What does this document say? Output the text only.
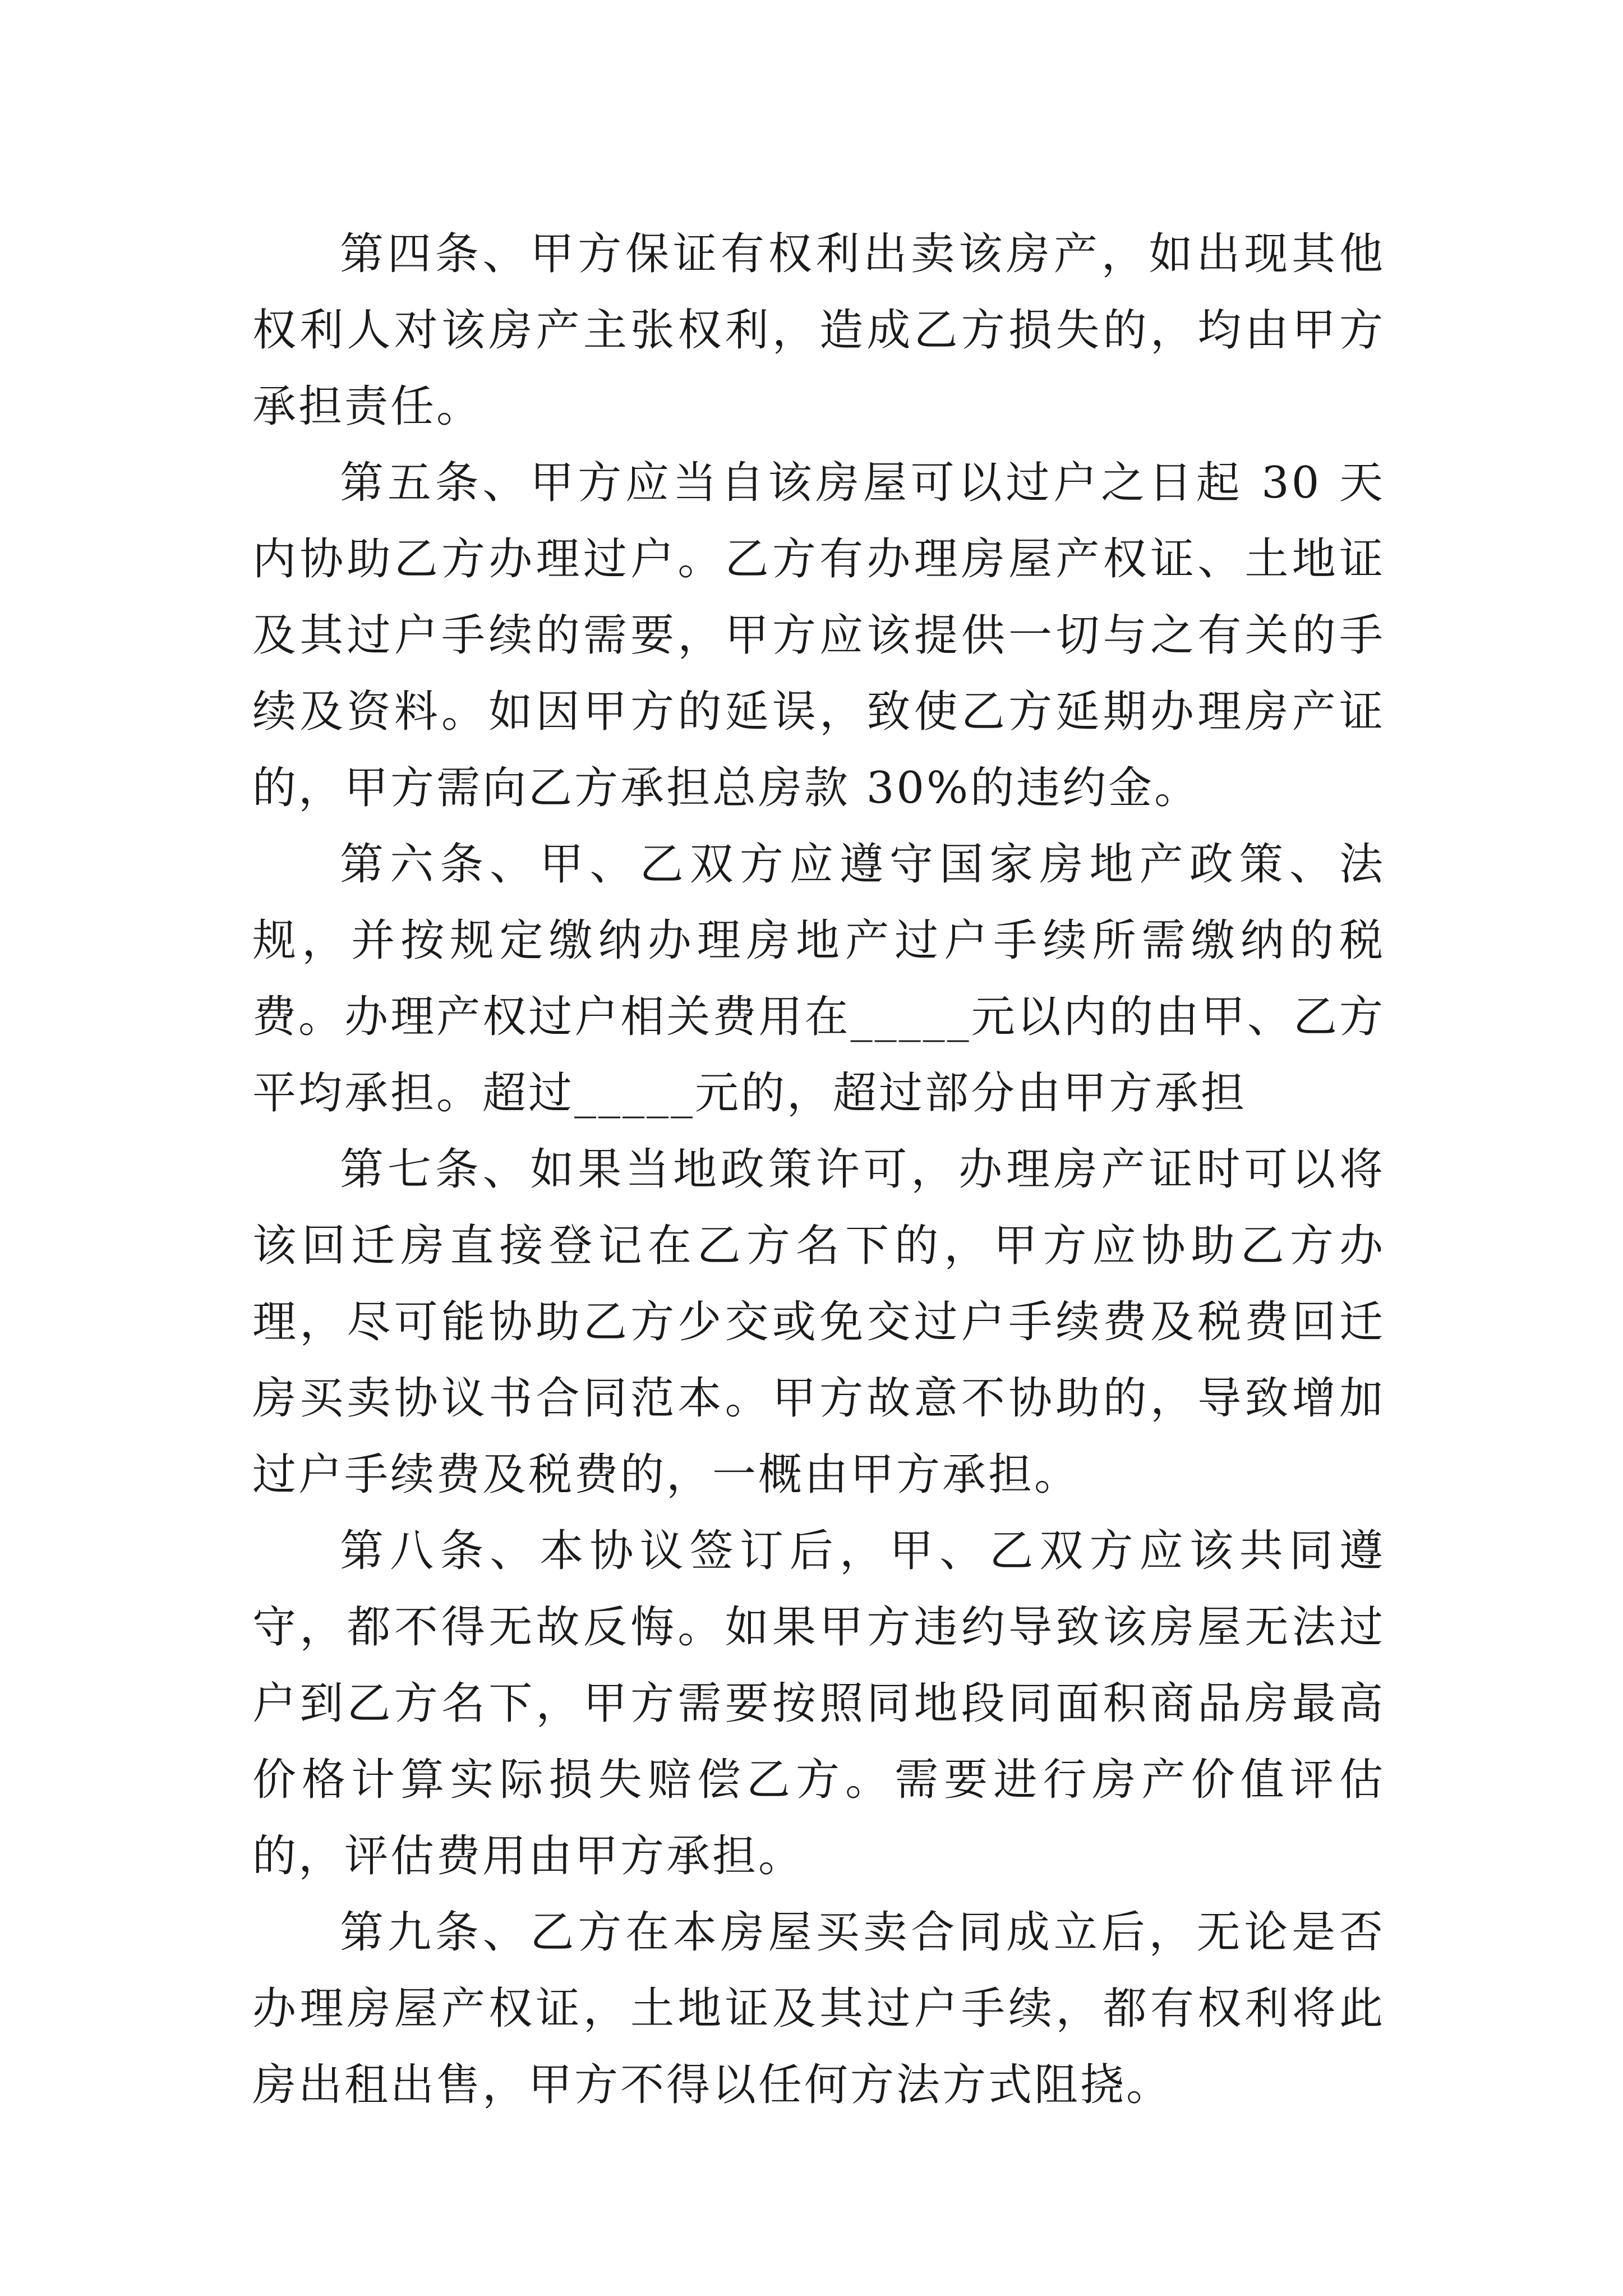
第四条、甲方保证有权利出卖该房产，如出现其他权利人对该房产主张权利，造成乙方损失的，均由甲方承担责任。

第五条、甲方应当自该房屋可以过户之日起 30 天内协助乙方办理过户。乙方有办理房屋产权证、土地证及其过户手续的需要，甲方应该提供一切与之有关的手续及资料。如因甲方的延误，致使乙方延期办理房产证的，甲方需向乙方承担总房款 30%的违约金。

第六条、甲、乙双方应遵守国家房地产政策、法规，并按规定缴纳办理房地产过户手续所需缴纳的税费。办理产权过户相关费用在_____元以内的由甲、乙方平均承担。超过_____元的，超过部分由甲方承担

第七条、如果当地政策许可，办理房产证时可以将该回迁房直接登记在乙方名下的，甲方应协助乙方办理，尽可能协助乙方少交或免交过户手续费及税费回迁房买卖协议书合同范本。甲方故意不协助的，导致增加过户手续费及税费的，一概由甲方承担。

第八条、本协议签订后，甲、乙双方应该共同遵守，都不得无故反悔。如果甲方违约导致该房屋无法过户到乙方名下，甲方需要按照同地段同面积商品房最高价格计算实际损失赔偿乙方。需要进行房产价值评估的，评估费用由甲方承担。

第九条、乙方在本房屋买卖合同成立后，无论是否办理房屋产权证，土地证及其过户手续，都有权利将此房出租出售，甲方不得以任何方法方式阻挠。
